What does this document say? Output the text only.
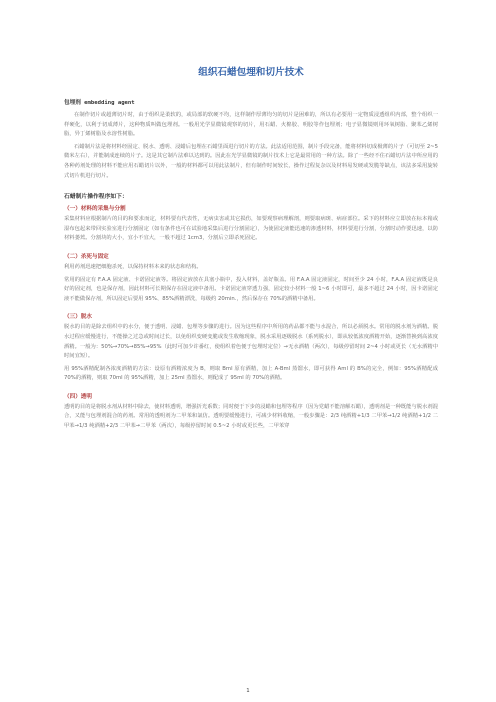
组织石蜡包埋和切片技术
包埋剂 embedding agent

在制作切片或超薄切片时，由于组织是柔软的，或局部的软硬不均，这样制作厚薄均匀的切片是困难的，所以有必要用一定物质浸透组织内部，整个组织一样硬化，以利于切成薄片，这种物质叫做包埋剂。一般用光学显微镜观察的切片，用石蜡、火棉胶、明胶等作包埋剂；电子显微镜则用环氧树脂、聚苯乙烯树脂，异丁烯树脂及水溶性树脂。

石蜡制片法是将材料经固定、脱水、透明、浸蜡后包埋在石蜡里面进行切片的方法。此法适用范围，制片手段完备，能将材料切成极薄的片子（可切至 2~5 微米左右），并能制成连续的片子。这是其它制片法难以达到的。因此在光学显微镜的制片技术上它是最常用的一种方法。除了一些经不住石蜡切片法中所应用的各种药剂处理的材料不能应用石蜡切片以外，一般的材料都可以用此法制片，但有制作时间较长，操作过程复杂以及材料易发硬或发脆等缺点，该法多采用旋转式切片机进行切片。

石蜡制片操作程序如下：
（一）材料的采集与分割

采集材料应根据制片的目的和要求而定，材料要有代表性，无病虫害或其它损伤，如要观察病理解剖，则要取病斑、病症部位。采下的材料应立即放在标本箱或湿布包起来带回实验室进行分割固定（如有条件也可在试验地采集后进行分割固定），为使固定液能迅速的渗透材料，材料要进行分割，分割时动作要迅速，以防材料萎蔫。分割块的大小，宜小不宜大，一般不超过 1cm3，分割后立即杀死固定。

（二）杀死与固定

利用药剂迅速把细胞杀死，以保持材料本来的状态和结构。

常用的固定有 F.A.A 固定液、卡诺固定液等。将固定液放在具塞小瓶中，投入材料，盖好瓶盖。用 F.A.A 固定液固定，时间至少 24 小时，F.A.A 固定液既是良好的固定剂，也是保存剂，因此材料可长期保存在固定液中备用。卡诺固定液穿透力强，固定较小材料一般 1~6 小时即可，最多不超过 24 小时，因卡诺固定液不能做保存剂，所以固定后要用 95%、85%酒精漂洗，每级约 20min.，然后保存在 70%的酒精中备用。

（三）脱水

脱水的目的是除去组织中的水分，便于透明、浸蜡、包埋等步骤的进行。因为这些程序中所用的药品都不能与水混合，所以必须脱水。常用的脱水剂为酒精。脱水过程应缓慢进行，不能操之过急或时间过长，以免组织变硬变脆或发生收缩现象，脱水采用逐级脱水（系列脱水），即从较低浓度酒精开始，逐渐替换到高浓度酒精。一般为：50%→70%→85%→95%（此时可加少许番红，使组织着色便于包埋时定位）→无水酒精（两次），每级停留时间 2~4 小时或更长（无水酒精中时间宜短）。

用 95%酒精配制各浓度酒精的方法：设原有酒精浓度为 B，则取 Bml 原有酒精，加上 A-Bml 蒸馏水，即可获得 Aml 的 B%的完全，例如：95%酒精配成 70%的酒精，则取 70ml 的 95%酒精，加上 25ml 蒸馏水，则配成了 95ml 的 70%的酒精。

（四）透明

透明的目的是将脱水剂从材料中除去，使材料透明，增强折光系数；同时便于下步的浸蜡和包埋等程序（因为党蜡不能溶解石蜡），透明剂是一种既能与脱水剂混合，又能与包埋剂混合的药剂。常用的透明剂为二甲苯和氯仿。透明要缓慢进行，可减少材料收缩，一般步骤是：2/3 纯酒精+1/3 二甲苯→1/2 纯酒精+1/2 二甲苯→1/3 纯酒精+2/3 二甲苯→二甲苯（两次），每级停留时间 0.5~2 小时或更长些，二甲苯穿

1
